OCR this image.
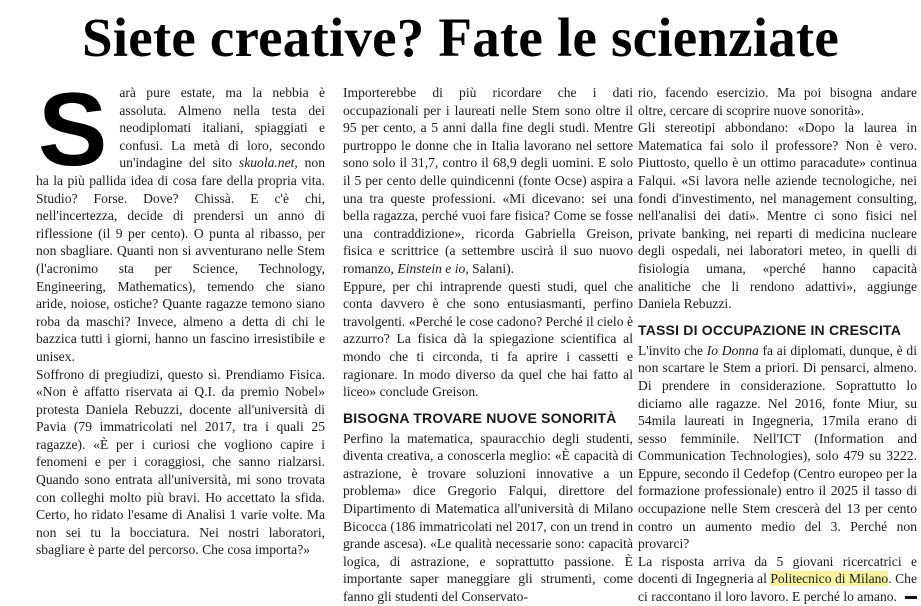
Siete creative? Fate le scienziate
S arà pure estate, ma la nebbia è assoluta. Almeno nella testa dei neodiplomati italiani, spiaggiati e confusi. La metà di loro, secondo un'indagine del sito skuola.net, non ha la più pallida idea di cosa fare della propria vita. Studio? Forse. Dove? Chissà. E c'è chi, nell'incertezza, decide di prendersi un anno di riflessione (il 9 per cento). O punta al ribasso, per non sbagliare. Quanti non si avventurano nelle Stem (l'acronimo sta per Science, Technology, Engineering, Mathematics), temendo che siano aride, noiose, ostiche? Quante ragazze temono siano roba da maschi? Invece, almeno a detta di chi le bazzica tutti i giorni, hanno un fascino irresistibile e unisex.

Soffrono di pregiudizi, questo sì. Prendiamo Fisica. «Non è affatto riservata ai Q.I. da premio Nobel» protesta Daniela Rebuzzi, docente all'università di Pavia (79 immatricolati nel 2017, tra i quali 25 ragazze). «È per i curiosi che vogliono capire i fenomeni e per i coraggiosi, che sanno rialzarsi. Quando sono entrata all'università, mi sono trovata con colleghi molto più bravi. Ho accettato la sfida. Certo, ho ridato l'esame di Analisi 1 varie volte. Ma non sei tu la bocciatura. Nei nostri laboratori, sbagliare è parte del percorso. Che cosa importa?»

Importerebbe di più ricordare che i dati occupazionali per i laureati nelle Stem sono oltre il 95 per cento, a 5 anni dalla fine degli studi. Mentre purtroppo le donne che in Italia lavorano nel settore sono solo il 31,7, contro il 68,9 degli uomini. E solo il 5 per cento delle quindicenni (fonte Ocse) aspira a una tra queste professioni. «Mi dicevano: sei una bella ragazza, perché vuoi fare fisica? Come se fosse una contraddizione», ricorda Gabriella Greison, fisica e scrittrice (a settembre uscirà il suo nuovo romanzo, Einstein e io, Salani).

Eppure, per chi intraprende questi studi, quel che conta davvero è che sono entusiasmanti, perfino travolgenti. «Perché le cose cadono? Perché il cielo è azzurro? La fisica dà la spiegazione scientifica al mondo che ti circonda, ti fa aprire i cassetti e ragionare. In modo diverso da quel che hai fatto al liceo» conclude Greison.

BISOGNA TROVARE NUOVE SONORITÀ

Perfino la matematica, spauracchio degli studenti, diventa creativa, a conoscerla meglio: «È capacità di astrazione, è trovare soluzioni innovative a un problema» dice Gregorio Falqui, direttore del Dipartimento di Matematica all'università di Milano Bicocca (186 immatricolati nel 2017, con un trend in grande ascesa). «Le qualità necessarie sono: capacità logica, di astrazione, e soprattutto passione. È importante saper maneggiare gli strumenti, come fanno gli studenti del Conservato-

rio, facendo esercizio. Ma poi bisogna andare oltre, cercare di scoprire nuove sonorità».

Gli stereotipi abbondano: «Dopo la laurea in Matematica fai solo il professore? Non è vero. Piuttosto, quello è un ottimo paracadute» continua Falqui. «Si lavora nelle aziende tecnologiche, nei fondi d'investimento, nel management consulting, nell'analisi dei dati». Mentre ci sono fisici nel private banking, nei reparti di medicina nucleare degli ospedali, nei laboratori meteo, in quelli di fisiologia umana, «perché hanno capacità analitiche che li rendono adattivi», aggiunge Daniela Rebuzzi.

TASSI DI OCCUPAZIONE IN CRESCITA

L'invito che Io Donna fa ai diplomati, dunque, è di non scartare le Stem a priori. Di pensarci, almeno. Di prendere in considerazione. Soprattutto lo diciamo alle ragazze. Nel 2016, fonte Miur, su 54mila laureati in Ingegneria, 17mila erano di sesso femminile. Nell'ICT (Information and Communication Technologies), solo 479 su 3222. Eppure, secondo il Cedefop (Centro europeo per la formazione professionale) entro il 2025 il tasso di occupazione nelle Stem crescerà del 13 per cento contro un aumento medio del 3. Perché non provarci?

La risposta arriva da 5 giovani ricercatrici e docenti di Ingegneria al Politecnico di Milano. Che ci raccontano il loro lavoro. E perché lo amano.
